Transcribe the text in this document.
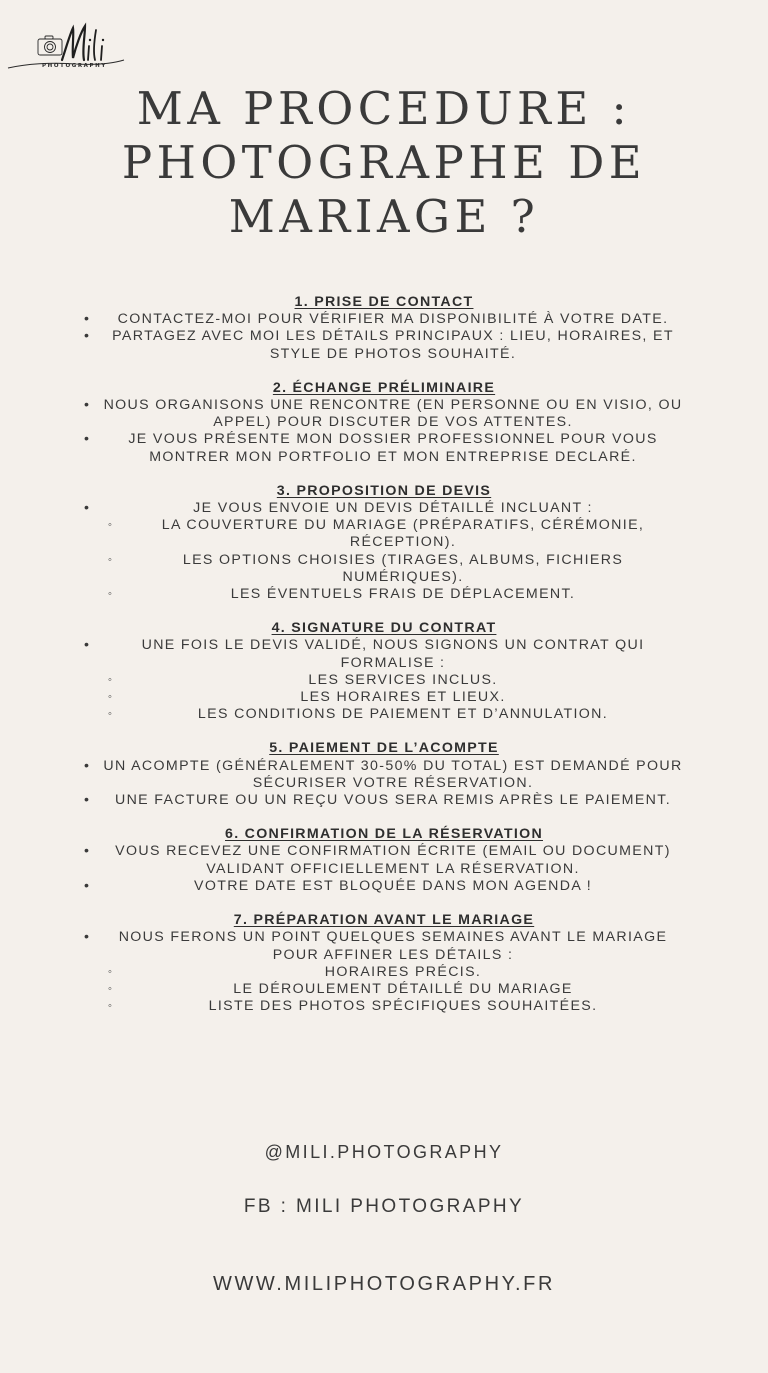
PHOTOGRAPHY
MA PROCEDURE :
PHOTOGRAPHE DE
MARIAGE ?
1. PRISE DE CONTACT
• CONTACTEZ-MOI POUR VÉRIFIER MA DISPONIBILITÉ À VOTRE DATE.
• PARTAGEZ AVEC MOI LES DÉTAILS PRINCIPAUX : LIEU, HORAIRES, ET STYLE DE PHOTOS SOUHAITÉ.
2. ÉCHANGE PRÉLIMINAIRE
• NOUS ORGANISONS UNE RENCONTRE (EN PERSONNE OU EN VISIO, OU APPEL) POUR DISCUTER DE VOS ATTENTES.
•	JE VOUS PRÉSENTE MON DOSSIER PROFESSIONNEL POUR VOUS MONTRER MON PORTFOLIO ET MON ENTREPRISE DECLARÉ.
3. PROPOSITION DE DEVIS
•	JE VOUS ENVOIE UN DEVIS DÉTAILLÉ INCLUANT :
◦	LA COUVERTURE DU MARIAGE (PRÉPARATIFS, CÉRÉMONIE, RÉCEPTION).
◦	LES OPTIONS CHOISIES (TIRAGES, ALBUMS, FICHIERS NUMÉRIQUES).
◦	LES ÉVENTUELS FRAIS DE DÉPLACEMENT.
4. SIGNATURE DU CONTRAT
•	UNE FOIS LE DEVIS VALIDÉ, NOUS SIGNONS UN CONTRAT QUI FORMALISE :
◦	LES SERVICES INCLUS.
◦	LES HORAIRES ET LIEUX.
◦	LES CONDITIONS DE PAIEMENT ET D’ANNULATION.
5. PAIEMENT DE L’ACOMPTE
• UN ACOMPTE (GÉNÉRALEMENT 30-50% DU TOTAL) EST DEMANDÉ POUR SÉCURISER VOTRE RÉSERVATION.
• UNE FACTURE OU UN REÇU VOUS SERA REMIS APRÈS LE PAIEMENT.
6. CONFIRMATION DE LA RÉSERVATION
• VOUS RECEVEZ UNE CONFIRMATION ÉCRITE (EMAIL OU DOCUMENT) VALIDANT OFFICIELLEMENT LA RÉSERVATION.
•	VOTRE DATE EST BLOQUÉE DANS MON AGENDA !
7. PRÉPARATION AVANT LE MARIAGE
• NOUS FERONS UN POINT QUELQUES SEMAINES AVANT LE MARIAGE POUR AFFINER LES DÉTAILS :
◦	HORAIRES PRÉCIS.
◦	LE DÉROULEMENT DÉTAILLÉ DU MARIAGE
◦	LISTE DES PHOTOS SPÉCIFIQUES SOUHAITÉES.
@MILI.PHOTOGRAPHY
FB : MILI PHOTOGRAPHY
WWW.MILIPHOTOGRAPHY.FR
